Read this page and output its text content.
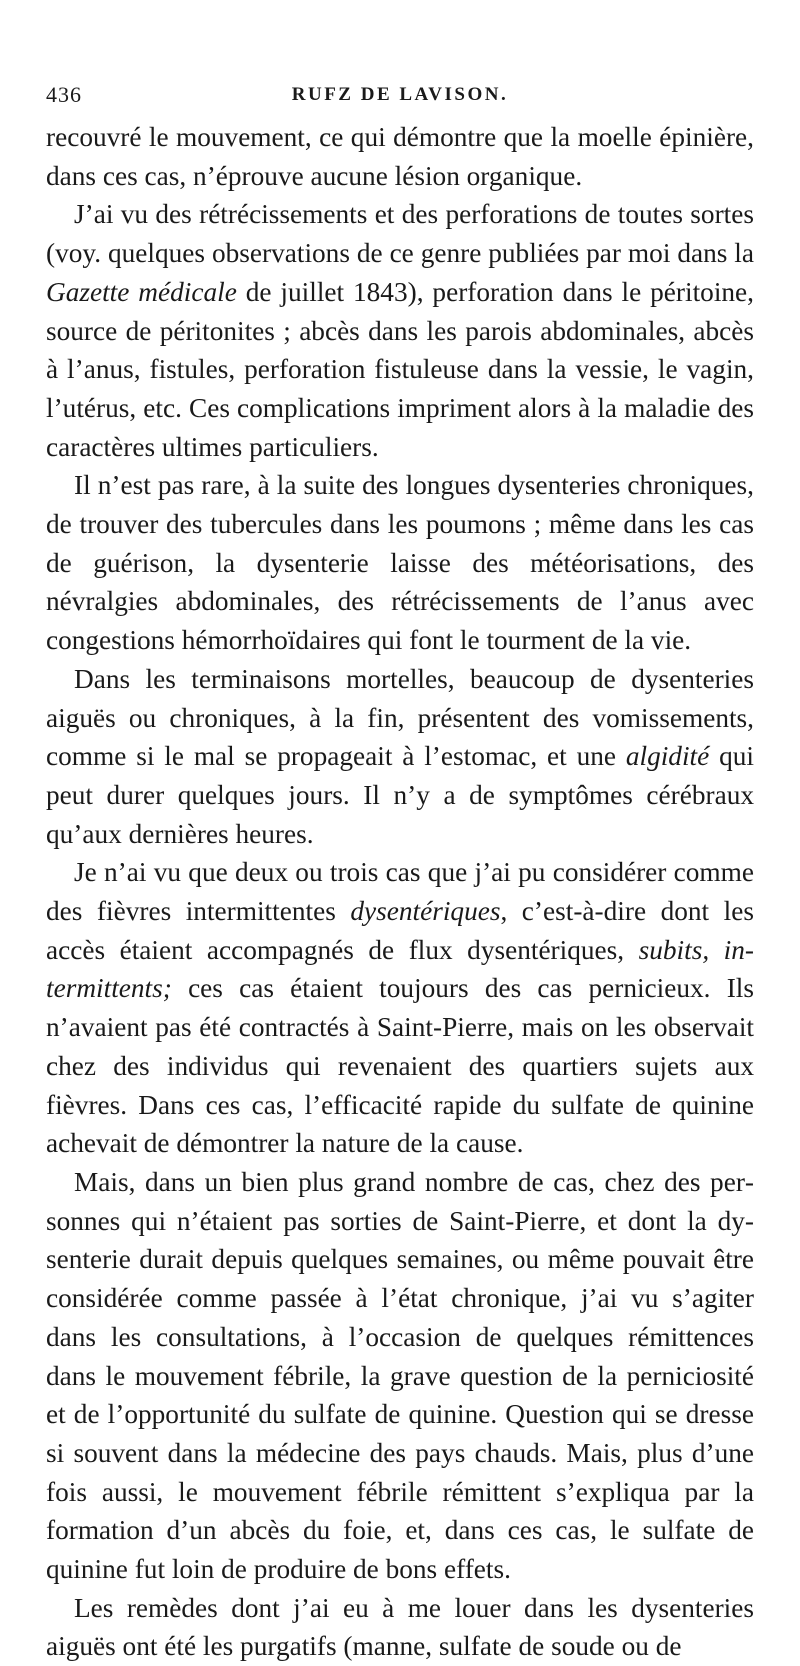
436	RUFZ DE LAVISON.

recouvré le mouvement, ce qui démontre que la moelle épinière, dans ces cas, n’éprouve aucune lésion organique.

J’ai vu des rétrécissements et des perforations de toutes sortes (voy. quelques observations de ce genre publiées par moi dans la Gazette médicale de juillet 1843), perforation dans le péritoine, source de péritonites ; abcès dans les parois abdominales, abcès à l’anus, fistules, perforation fistuleuse dans la vessie, le vagin, l’utérus, etc. Ces complications impriment alors à la maladie des caractères ultimes particuliers.

Il n’est pas rare, à la suite des longues dysenteries chroniques, de trouver des tubercules dans les poumons ; même dans les cas de guérison, la dysenterie laisse des météorisations, des névralgies abdominales, des rétrécissements de l’anus avec congestions hémorrhoïdaires qui font le tourment de la vie.

Dans les terminaisons mortelles, beaucoup de dysenteries aiguës ou chroniques, à la fin, présentent des vomissements, comme si le mal se propageait à l’estomac, et une algidité qui peut durer quelques jours. Il n’y a de symptômes cérébraux qu’aux dernières heures.

Je n’ai vu que deux ou trois cas que j’ai pu considérer comme des fièvres intermittentes dysentériques, c’est-à-dire dont les accès étaient accompagnés de flux dysentériques, subits, intermittents; ces cas étaient toujours des cas pernicieux. Ils n’avaient pas été contractés à Saint-Pierre, mais on les observait chez des individus qui revenaient des quartiers sujets aux fièvres. Dans ces cas, l’efficacité rapide du sulfate de quinine achevait de démontrer la nature de la cause.

Mais, dans un bien plus grand nombre de cas, chez des personnes qui n’étaient pas sorties de Saint-Pierre, et dont la dysenterie durait depuis quelques semaines, ou même pouvait être considérée comme passée à l’état chronique, j’ai vu s’agiter dans les consultations, à l’occasion de quelques rémittences dans le mouvement fébrile, la grave question de la perniciosité et de l’opportunité du sulfate de quinine. Question qui se dresse si souvent dans la médecine des pays chauds. Mais, plus d’une fois aussi, le mouvement fébrile rémittent s’expliqua par la formation d’un abcès du foie, et, dans ces cas, le sulfate de quinine fut loin de produire de bons effets.

Les remèdes dont j’ai eu à me louer dans les dysenteries aiguës ont été les purgatifs (manne, sulfate de soude ou de
